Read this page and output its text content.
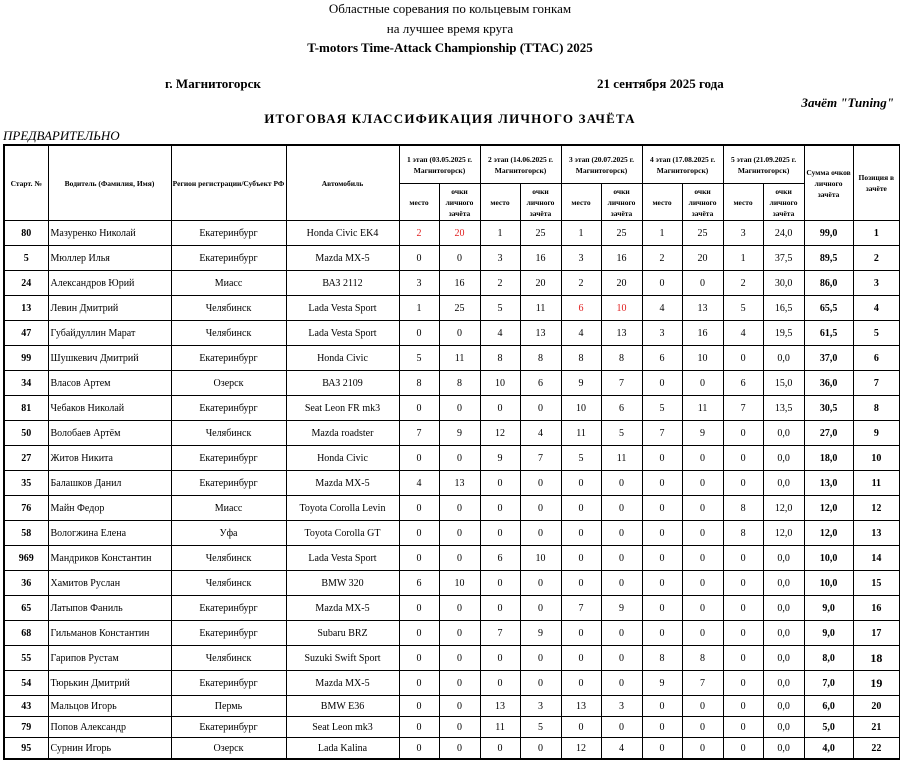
Областные соревания по кольцевым гонкам
на лучшее время круга
T-motors Time-Attack Championship (TTAC) 2025
г. Магнитогорск	21 сентября 2025 года
Зачёт "Tuning"
ИТОГОВАЯ КЛАССИФИКАЦИЯ ЛИЧНОГО ЗАЧЁТА
ПРЕДВАРИТЕЛЬНО
Старт. №	Водитель (Фамилия, Имя)	Регион регистрации/Субъект РФ	Автомобиль	1 этап (03.05.2025 г. Магнитогорск)		2 этап (14.06.2025 г. Магнитогорск)		3 этап (20.07.2025 г. Магнитогорск)		4 этап (17.08.2025 г. Магнитогорск)		5 этап (21.09.2025 г. Магнитогорск)		Сумма очков личного зачёта	Позиция в зачёте
				место	очки личного зачёта	место	очки личного зачёта	место	очки личного зачёта	место	очки личного зачёта	место	очки личного зачёта		
80	Мазуренко Николай	Екатеринбург	Honda Civic EK4	2	20	1	25	1	25	1	25	3	24,0	99,0	1
5	Мюллер Илья	Екатеринбург	Mazda MX-5	0	0	3	16	3	16	2	20	1	37,5	89,5	2
24	Александров Юрий	Миасс	ВАЗ 2112	3	16	2	20	2	20	0	0	2	30,0	86,0	3
13	Левин Дмитрий	Челябинск	Lada Vesta Sport	1	25	5	11	6	10	4	13	5	16,5	65,5	4
47	Губайдуллин Марат	Челябинск	Lada Vesta Sport	0	0	4	13	4	13	3	16	4	19,5	61,5	5
99	Шушкевич Дмитрий	Екатеринбург	Honda Civic	5	11	8	8	8	8	6	10	0	0,0	37,0	6
34	Власов Артем	Озерск	ВАЗ 2109	8	8	10	6	9	7	0	0	6	15,0	36,0	7
81	Чебаков Николай	Екатеринбург	Seat Leon FR mk3	0	0	0	0	10	6	5	11	7	13,5	30,5	8
50	Волобаев Артём	Челябинск	Mazda roadster	7	9	12	4	11	5	7	9	0	0,0	27,0	9
27	Житов Никита	Екатеринбург	Honda Civic	0	0	9	7	5	11	0	0	0	0,0	18,0	10
35	Балашков Данил	Екатеринбург	Mazda MX-5	4	13	0	0	0	0	0	0	0	0,0	13,0	11
76	Майн Федор	Миасс	Toyota Corolla Levin	0	0	0	0	0	0	0	0	8	12,0	12,0	12
58	Вологжина Елена	Уфа	Toyota Corolla GT	0	0	0	0	0	0	0	0	8	12,0	12,0	13
969	Мандриков Константин	Челябинск	Lada Vesta Sport	0	0	6	10	0	0	0	0	0	0,0	10,0	14
36	Хамитов Руслан	Челябинск	BMW 320	6	10	0	0	0	0	0	0	0	0,0	10,0	15
65	Латыпов Фаниль	Екатеринбург	Mazda MX-5	0	0	0	0	7	9	0	0	0	0,0	9,0	16
68	Гильманов Константин	Екатеринбург	Subaru BRZ	0	0	7	9	0	0	0	0	0	0,0	9,0	17
55	Гарипов Рустам	Челябинск	Suzuki Swift Sport	0	0	0	0	0	0	8	8	0	0,0	8,0	18
54	Тюрькин Дмитрий	Екатеринбург	Mazda MX-5	0	0	0	0	0	0	9	7	0	0,0	7,0	19
43	Мальцов Игорь	Пермь	BMW E36	0	0	13	3	13	3	0	0	0	0,0	6,0	20
79	Попов Александр	Екатеринбург	Seat Leon mk3	0	0	11	5	0	0	0	0	0	0,0	5,0	21
95	Сурнин Игорь	Озерск	Lada Kalina	0	0	0	0	12	4	0	0	0	0,0	4,0	22
